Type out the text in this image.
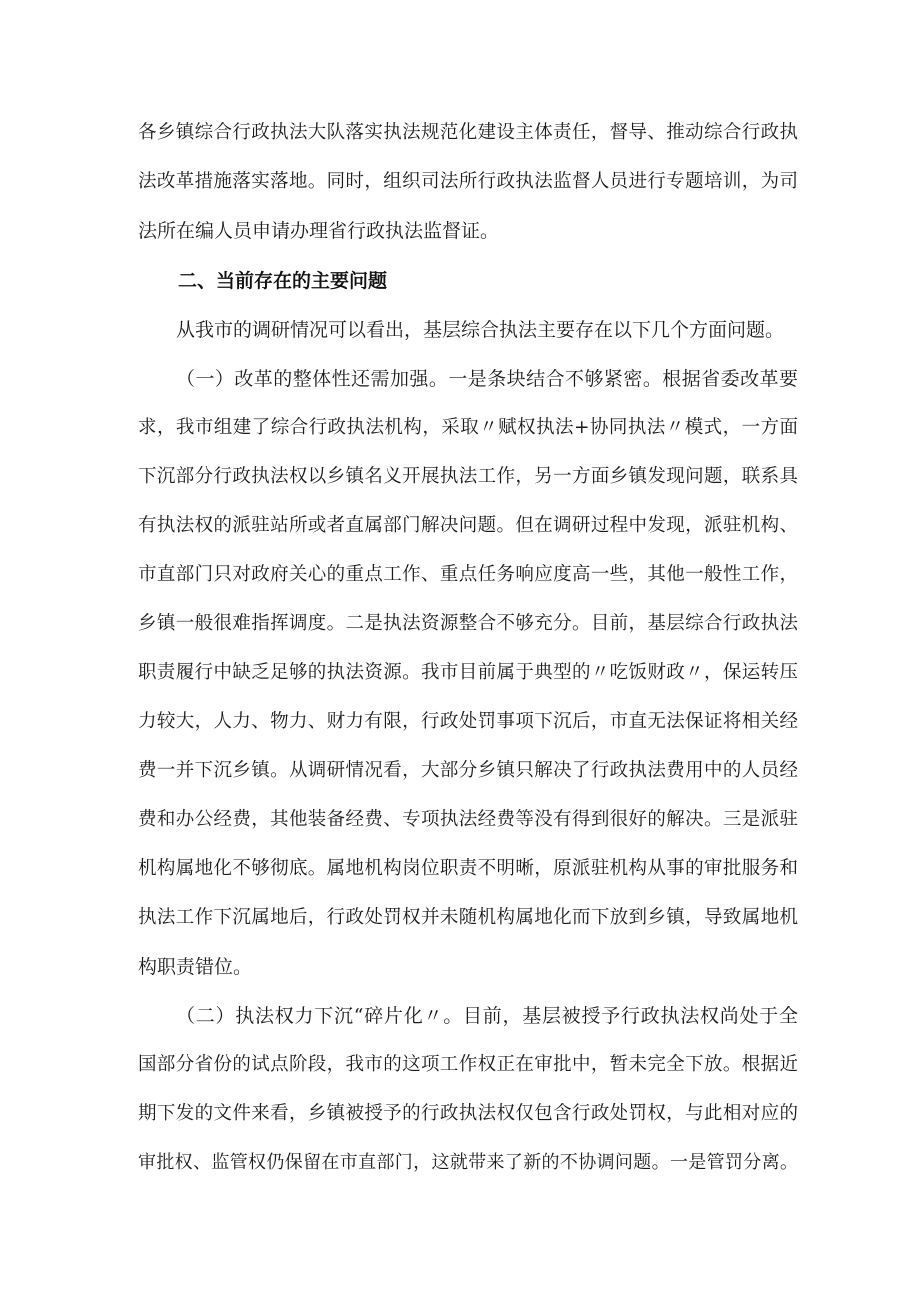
各乡镇综合行政执法大队落实执法规范化建设主体责任，督导、推动综合行政执
法改革措施落实落地。同时，组织司法所行政执法监督人员进行专题培训，为司
法所在编人员申请办理省行政执法监督证。
二、当前存在的主要问题
从我市的调研情况可以看出，基层综合执法主要存在以下几个方面问题。
（一）改革的整体性还需加强。一是条块结合不够紧密。根据省委改革要
求，我市组建了综合行政执法机构，采取〃赋权执法+协同执法〃模式，一方面
下沉部分行政执法权以乡镇名义开展执法工作，另一方面乡镇发现问题，联系具
有执法权的派驻站所或者直属部门解决问题。但在调研过程中发现，派驻机构、
市直部门只对政府关心的重点工作、重点任务响应度高一些，其他一般性工作，
乡镇一般很难指挥调度。二是执法资源整合不够充分。目前，基层综合行政执法
职责履行中缺乏足够的执法资源。我市目前属于典型的〃吃饭财政〃，保运转压
力较大，人力、物力、财力有限，行政处罚事项下沉后，市直无法保证将相关经
费一并下沉乡镇。从调研情况看，大部分乡镇只解决了行政执法费用中的人员经
费和办公经费，其他装备经费、专项执法经费等没有得到很好的解决。三是派驻
机构属地化不够彻底。属地机构岗位职责不明晰，原派驻机构从事的审批服务和
执法工作下沉属地后，行政处罚权并未随机构属地化而下放到乡镇，导致属地机
构职责错位。
（二）执法权力下沉“碎片化〃。目前，基层被授予行政执法权尚处于全
国部分省份的试点阶段，我市的这项工作权正在审批中，暂未完全下放。根据近
期下发的文件来看，乡镇被授予的行政执法权仅包含行政处罚权，与此相对应的
审批权、监管权仍保留在市直部门，这就带来了新的不协调问题。一是管罚分离。
